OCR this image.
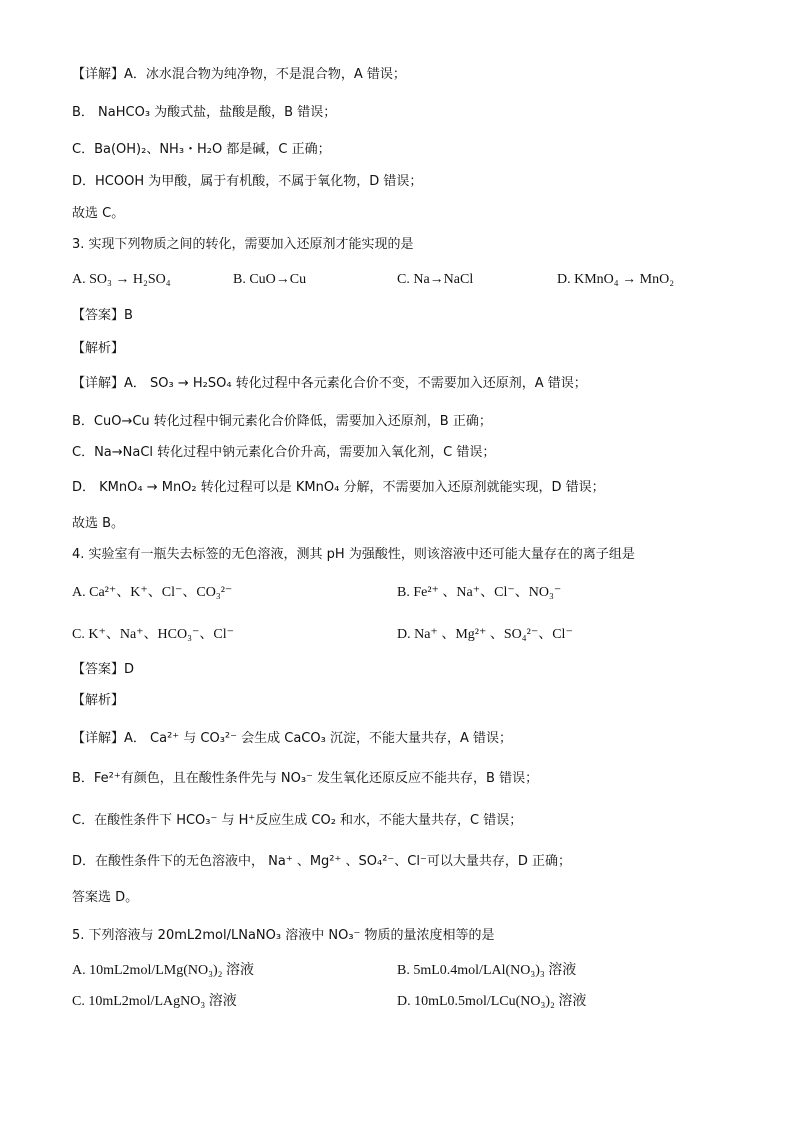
【详解】A．冰水混合物为纯净物，不是混合物，A 错误；
B． NaHCO₃ 为酸式盐，盐酸是酸，B 错误；
C．Ba(OH)₂、NH₃・H₂O 都是碱，C 正确；
D．HCOOH 为甲酸，属于有机酸，不属于氧化物，D 错误；
故选 C。
3. 实现下列物质之间的转化，需要加入还原剂才能实现的是
A. SO₃ → H₂SO₄	B. CuO→Cu	C. Na→NaCl	D. KMnO₄ → MnO₂
【答案】B
【解析】
【详解】A． SO₃ → H₂SO₄ 转化过程中各元素化合价不变，不需要加入还原剂，A 错误；
B．CuO→Cu 转化过程中铜元素化合价降低，需要加入还原剂，B 正确；
C．Na→NaCl 转化过程中钠元素化合价升高，需要加入氧化剂，C 错误；
D． KMnO₄ → MnO₂ 转化过程可以是 KMnO₄ 分解，不需要加入还原剂就能实现，D 错误；
故选 B。
4. 实验室有一瓶失去标签的无色溶液，测其 pH 为强酸性，则该溶液中还可能大量存在的离子组是
A. Ca²⁺、K⁺、Cl⁻、CO₃²⁻	B. Fe²⁺ 、Na⁺、Cl⁻、NO₃⁻
C. K⁺、Na⁺、HCO₃⁻、Cl⁻	D. Na⁺ 、Mg²⁺ 、SO₄²⁻、Cl⁻
【答案】D
【解析】
【详解】A． Ca²⁺ 与 CO₃²⁻ 会生成 CaCO₃ 沉淀，不能大量共存，A 错误；
B．Fe²⁺有颜色，且在酸性条件先与 NO₃⁻ 发生氧化还原反应不能共存，B 错误；
C．在酸性条件下 HCO₃⁻ 与 H⁺反应生成 CO₂ 和水，不能大量共存，C 错误；
D．在酸性条件下的无色溶液中， Na⁺ 、Mg²⁺ 、SO₄²⁻、Cl⁻可以大量共存，D 正确；
答案选 D。
5. 下列溶液与 20mL2mol/LNaNO₃ 溶液中 NO₃⁻ 物质的量浓度相等的是
A. 10mL2mol/LMg(NO₃)₂ 溶液	B. 5mL0.4mol/LAl(NO₃)₃ 溶液
C. 10mL2mol/LAgNO₃ 溶液	D. 10mL0.5mol/LCu(NO₃)₂ 溶液
